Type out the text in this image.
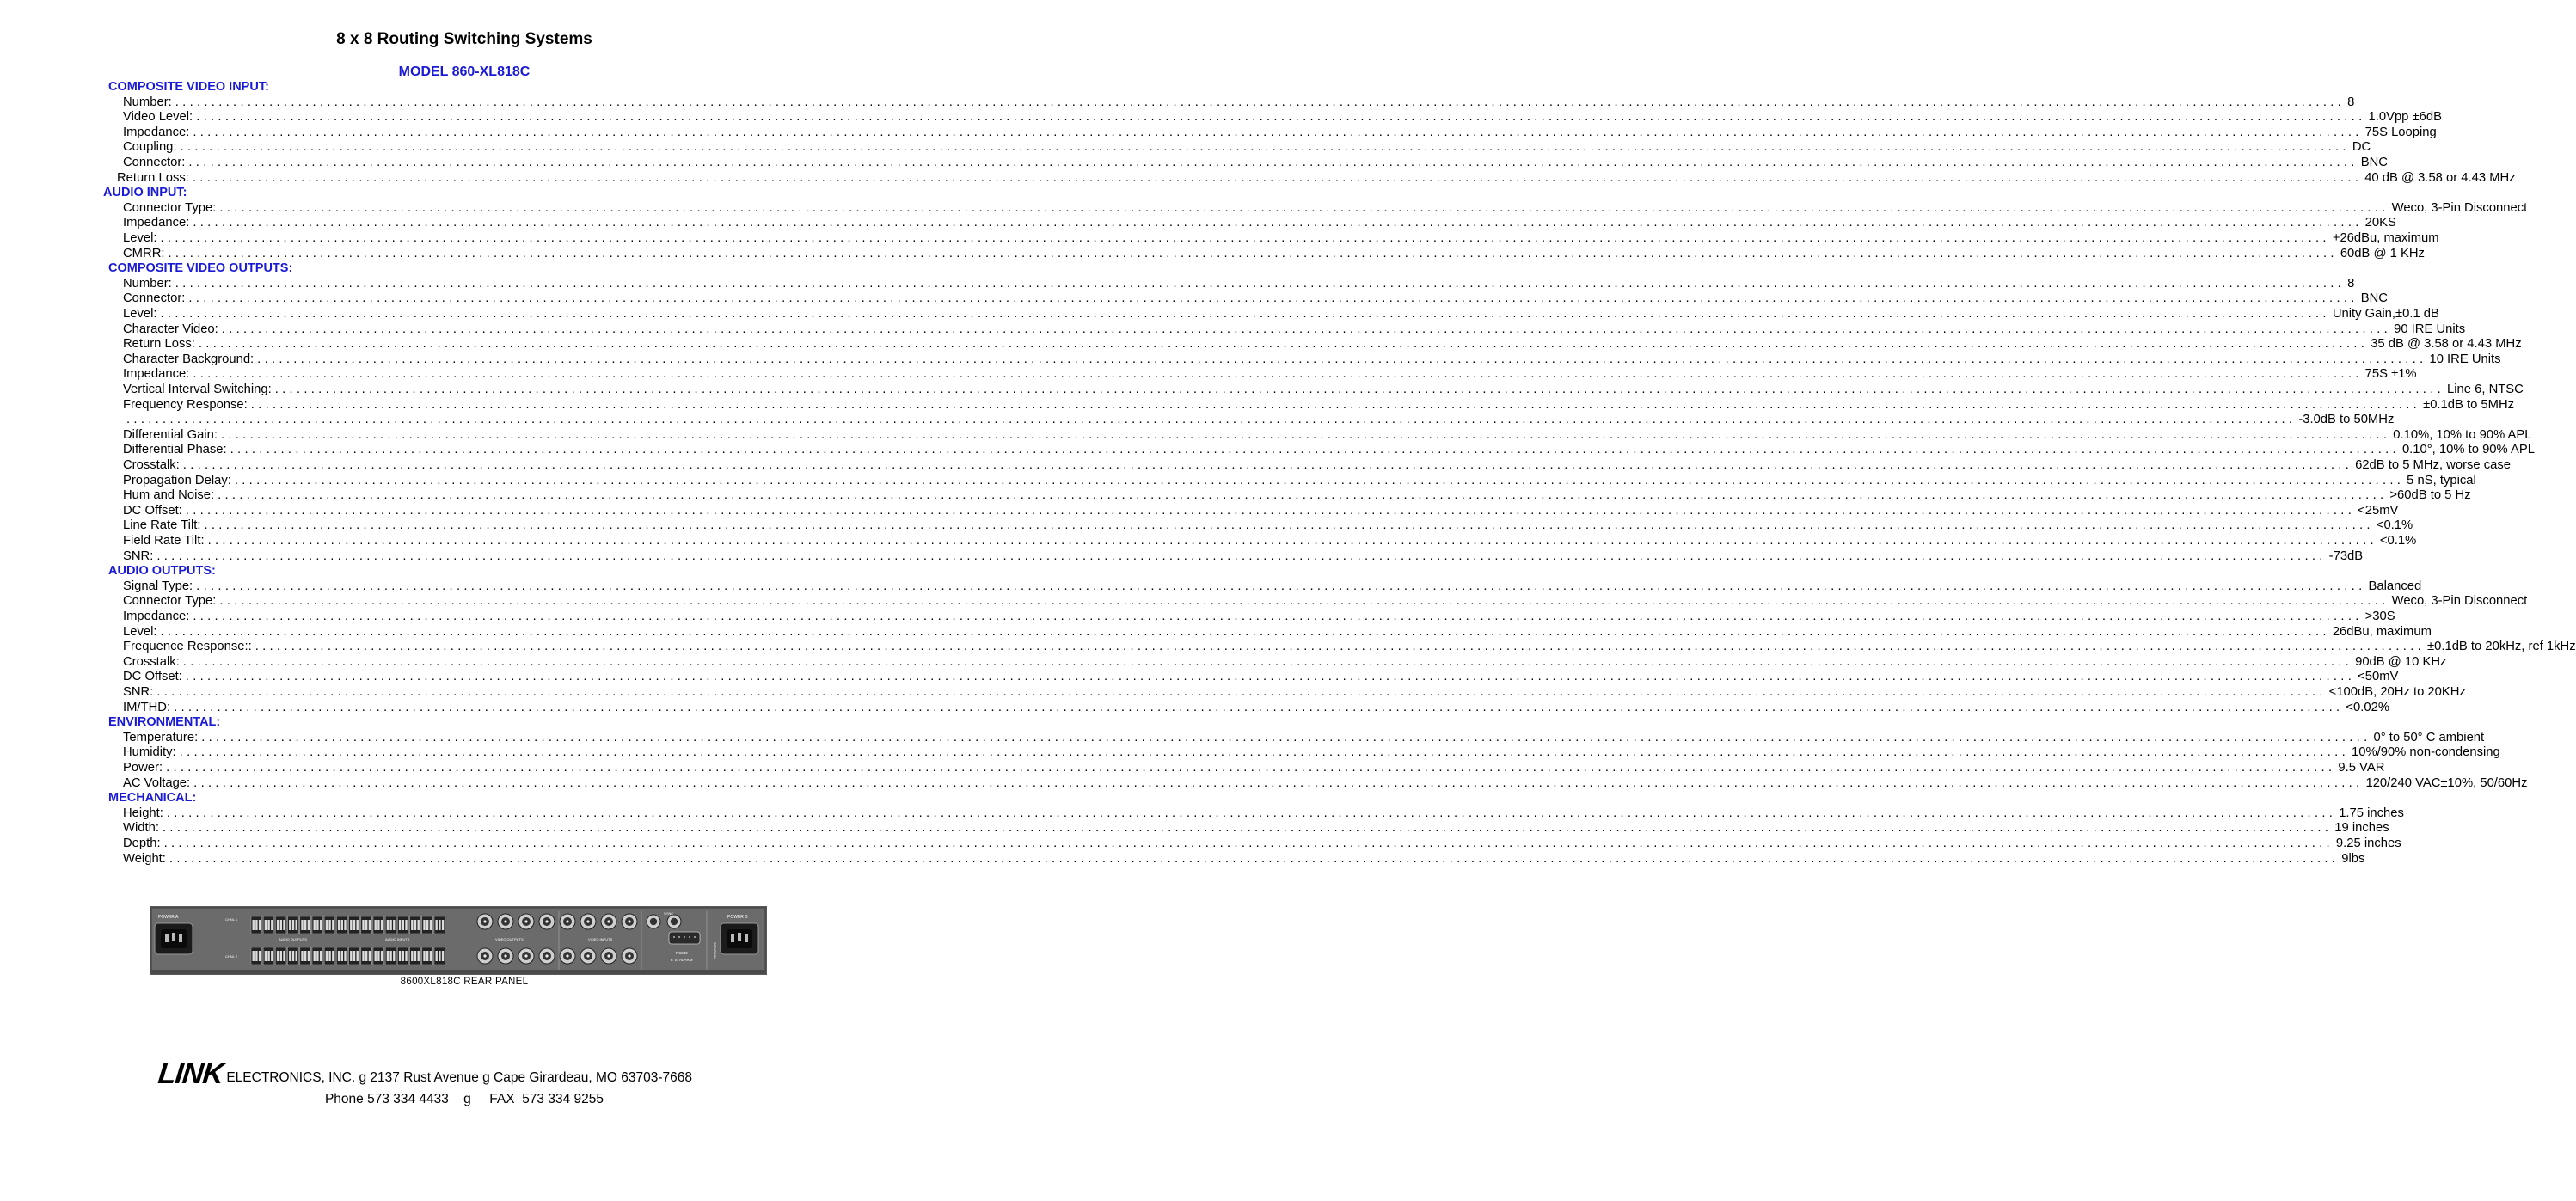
8 x 8 Routing Switching Systems
MODEL 860-XL818C
COMPOSITE VIDEO INPUT:
Number: ............................................................................................................................................................................................................................................................................................................ 8
Video Level: ............................................................................................................................................................................................................................................................................................................ 1.0Vpp ±6dB
Impedance: ............................................................................................................................................................................................................................................................................................................ 75S Looping
Coupling: ............................................................................................................................................................................................................................................................................................................ DC
Connector: ............................................................................................................................................................................................................................................................................................................ BNC
Return Loss: ............................................................................................................................................................................................................................................................................................................ 40 dB @ 3.58 or 4.43 MHz
AUDIO INPUT:
Connector Type: ............................................................................................................................................................................................................................................................................................................ Weco, 3-Pin Disconnect
Impedance: ............................................................................................................................................................................................................................................................................................................ 20KS
Level: ............................................................................................................................................................................................................................................................................................................ +26dBu, maximum
CMRR: ............................................................................................................................................................................................................................................................................................................ 60dB @ 1 KHz
COMPOSITE VIDEO OUTPUTS:
Number: ............................................................................................................................................................................................................................................................................................................ 8
Connector: ............................................................................................................................................................................................................................................................................................................ BNC
Level: ............................................................................................................................................................................................................................................................................................................ Unity Gain,±0.1 dB
Character Video: ............................................................................................................................................................................................................................................................................................................ 90 IRE Units
Return Loss: ............................................................................................................................................................................................................................................................................................................ 35 dB @ 3.58 or 4.43 MHz
Character Background: ............................................................................................................................................................................................................................................................................................................ 10 IRE Units
Impedance: ............................................................................................................................................................................................................................................................................................................ 75S ±1%
Vertical Interval Switching: ............................................................................................................................................................................................................................................................................................................ Line 6, NTSC
Frequency Response: ............................................................................................................................................................................................................................................................................................................ ±0.1dB to 5MHz
............................................................................................................................................................................................................................................................................................................ -3.0dB to 50MHz
Differential Gain: ............................................................................................................................................................................................................................................................................................................ 0.10%, 10% to 90% APL
Differential Phase: ............................................................................................................................................................................................................................................................................................................ 0.10°, 10% to 90% APL
Crosstalk: ............................................................................................................................................................................................................................................................................................................ 62dB to 5 MHz, worse case
Propagation Delay: ............................................................................................................................................................................................................................................................................................................ 5 nS, typical
Hum and Noise: ............................................................................................................................................................................................................................................................................................................ >60dB to 5 Hz
DC Offset: ............................................................................................................................................................................................................................................................................................................ <25mV
Line Rate Tilt: ............................................................................................................................................................................................................................................................................................................ <0.1%
Field Rate Tilt: ............................................................................................................................................................................................................................................................................................................ <0.1%
SNR: ............................................................................................................................................................................................................................................................................................................ -73dB
AUDIO OUTPUTS:
Signal Type: ............................................................................................................................................................................................................................................................................................................ Balanced
Connector Type: ............................................................................................................................................................................................................................................................................................................ Weco, 3-Pin Disconnect
Impedance: ............................................................................................................................................................................................................................................................................................................ >30S
Level: ............................................................................................................................................................................................................................................................................................................ 26dBu, maximum
Frequence Response:: ............................................................................................................................................................................................................................................................................................................ ±0.1dB to 20kHz, ref 1kHz
Crosstalk: ............................................................................................................................................................................................................................................................................................................ 90dB @ 10 KHz
DC Offset: ............................................................................................................................................................................................................................................................................................................ <50mV
SNR: ............................................................................................................................................................................................................................................................................................................ <100dB, 20Hz to 20KHz
IM/THD: ............................................................................................................................................................................................................................................................................................................ <0.02%
ENVIRONMENTAL:
Temperature: ............................................................................................................................................................................................................................................................................................................ 0° to 50° C ambient
Humidity: ............................................................................................................................................................................................................................................................................................................ 10%/90% non-condensing
Power: ............................................................................................................................................................................................................................................................................................................ 9.5 VAR
AC Voltage: ............................................................................................................................................................................................................................................................................................................ 120/240 VAC±10%, 50/60Hz
MECHANICAL:
Height: ............................................................................................................................................................................................................................................................................................................ 1.75 inches
Width: ............................................................................................................................................................................................................................................................................................................ 19 inches
Depth: ............................................................................................................................................................................................................................................................................................................ 9.25 inches
Weight: ............................................................................................................................................................................................................................................................................................................ 9lbs
POWER A	POWER B
CHNL 1
CHNL 2
AUDIO OUTPUTS	AUDIO INPUTS	VIDEO OUTPUTS	VIDEO INPUTS
SYNC
RS232
F. S. ALARM
CONTROL
8600XL818C REAR PANEL
LINK ELECTRONICS, INC. g 2137 Rust Avenue g Cape Girardeau, MO 63703-7668
Phone 573 334 4433    g     FAX  573 334 9255
